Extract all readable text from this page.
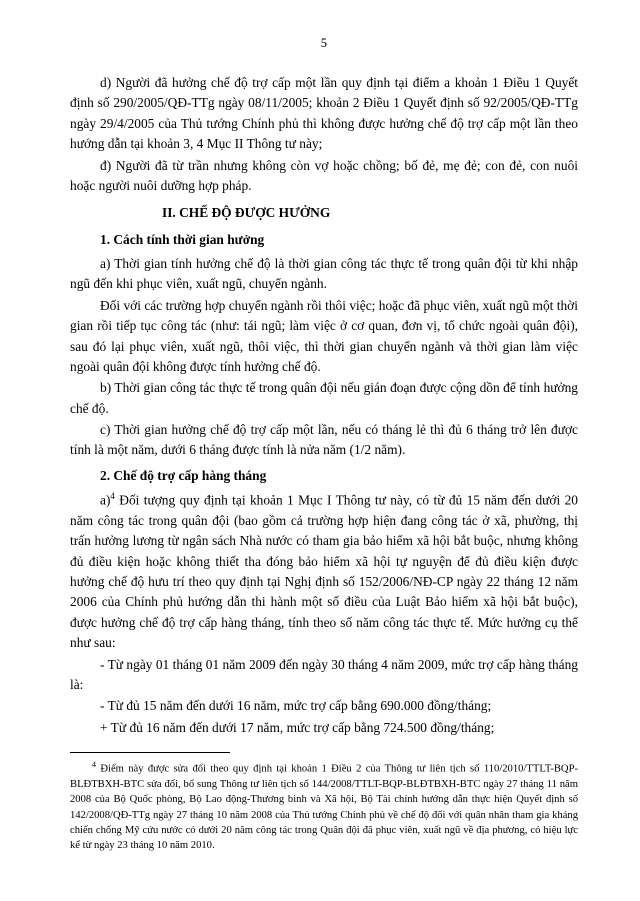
5

d) Người đã hưởng chế độ trợ cấp một lần quy định tại điểm a khoản 1 Điều 1 Quyết định số 290/2005/QĐ-TTg ngày 08/11/2005; khoản 2 Điều 1 Quyết định số 92/2005/QĐ-TTg ngày 29/4/2005 của Thủ tướng Chính phủ thì không được hưởng chế độ trợ cấp một lần theo hướng dẫn tại khoản 3, 4 Mục II Thông tư này;

đ) Người đã từ trần nhưng không còn vợ hoặc chồng; bố đẻ, mẹ đẻ; con đẻ, con nuôi hoặc người nuôi dưỡng hợp pháp.

II. CHẾ ĐỘ ĐƯỢC HƯỞNG

1. Cách tính thời gian hưởng

a) Thời gian tính hưởng chế độ là thời gian công tác thực tế trong quân đội từ khi nhập ngũ đến khi phục viên, xuất ngũ, chuyển ngành.

Đối với các trường hợp chuyển ngành rồi thôi việc; hoặc đã phục viên, xuất ngũ một thời gian rồi tiếp tục công tác (như: tái ngũ; làm việc ở cơ quan, đơn vị, tổ chức ngoài quân đội), sau đó lại phục viên, xuất ngũ, thôi việc, thì thời gian chuyển ngành và thời gian làm việc ngoài quân đội không được tính hưởng chế độ.

b) Thời gian công tác thực tế trong quân đội nếu gián đoạn được cộng dồn để tính hưởng chế độ.

c) Thời gian hưởng chế độ trợ cấp một lần, nếu có tháng lẻ thì đủ 6 tháng trở lên được tính là một năm, dưới 6 tháng được tính là nửa năm (1/2 năm).

2. Chế độ trợ cấp hàng tháng

a)$^4$ Đối tượng quy định tại khoản 1 Mục I Thông tư này, có từ đủ 15 năm đến dưới 20 năm công tác trong quân đội (bao gồm cả trường hợp hiện đang công tác ở xã, phường, thị trấn hưởng lương từ ngân sách Nhà nước có tham gia bảo hiểm xã hội bắt buộc, nhưng không đủ điều kiện hoặc không thiết tha đóng bảo hiểm xã hội tự nguyện để đủ điều kiện được hưởng chế độ hưu trí theo quy định tại Nghị định số 152/2006/NĐ-CP ngày 22 tháng 12 năm 2006 của Chính phủ hướng dẫn thi hành một số điều của Luật Bảo hiểm xã hội bắt buộc), được hưởng chế độ trợ cấp hàng tháng, tính theo số năm công tác thực tế. Mức hưởng cụ thể như sau:

- Từ ngày 01 tháng 01 năm 2009 đến ngày 30 tháng 4 năm 2009, mức trợ cấp hàng tháng là:

- Từ đủ 15 năm đến dưới 16 năm, mức trợ cấp bằng 690.000 đồng/tháng;

+ Từ đủ 16 năm đến dưới 17 năm, mức trợ cấp bằng 724.500 đồng/tháng;

$^4$ Điểm này được sửa đổi theo quy định tại khoản 1 Điều 2 của Thông tư liên tịch số 110/2010/TTLT-BQP-BLĐTBXH-BTC sửa đổi, bổ sung Thông tư liên tịch số 144/2008/TTLT-BQP-BLĐTBXH-BTC ngày 27 tháng 11 năm 2008 của Bộ Quốc phòng, Bộ Lao động-Thương binh và Xã hội, Bộ Tài chính hướng dẫn thực hiện Quyết định số 142/2008/QĐ-TTg ngày 27 tháng 10 năm 2008 của Thủ tướng Chính phủ về chế độ đối với quân nhân tham gia kháng chiến chống Mỹ cứu nước có dưới 20 năm công tác trong Quân đội đã phục viên, xuất ngũ về địa phương, có hiệu lực kể từ ngày 23 tháng 10 năm 2010.
